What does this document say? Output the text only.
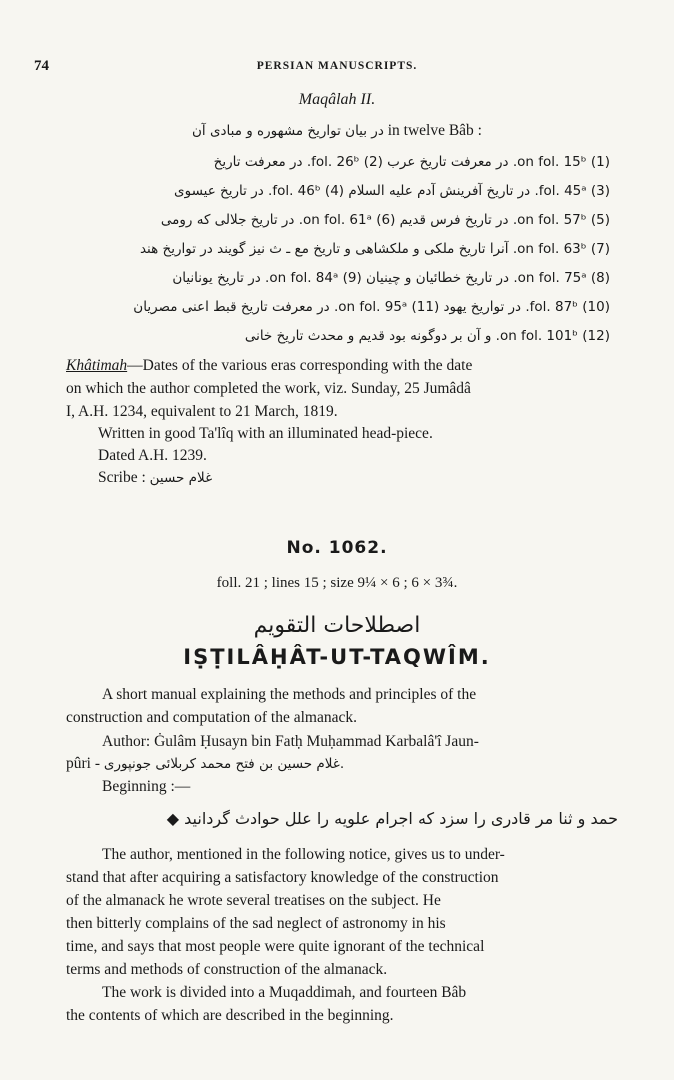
74	PERSIAN MANUSCRIPTS.
Maqâlah II.
در بیان تواریخ مشهوره و مبادی آن in twelve Bâb :
(1) on fol. 15ᵇ. در معرفت تاریخ عرب (2) fol. 26ᵇ. در معرفت تاریخ
(3) fol. 45ᵃ. در تاریخ آفرینش آدم علیه السلام (4) fol. 46ᵇ. در تاریخ عیسوی
(5) on fol. 57ᵇ. در تاریخ فرس قدیم (6) on fol. 61ᵃ. در تاریخ جلالی که رومی
(7) on fol. 63ᵇ. آنرا تاریخ ملکی و ملکشاهی و تاریخ مع ـ ث نیز گویند در تواریخ هند
(8) on fol. 75ᵃ. در تاریخ خطائیان و چینیان (9) on fol. 84ᵃ. در تاریخ یونانیان
(10) fol. 87ᵇ. در تواریخ یهود (11) on fol. 95ᵃ. در معرفت تاریخ قبط اعنی مصریان
(12) on fol. 101ᵇ. و آن بر دوگونه بود قدیم و محدث تاریخ خانی
Khâtimah—Dates of the various eras corresponding with the date
on which the author completed the work, viz. Sunday, 25 Jumâdâ
I, A.H. 1234, equivalent to 21 March, 1819.
Written in good Ta'lîq with an illuminated head-piece.
Dated A.H. 1239.
Scribe : غلام حسین
No. 1062.
foll. 21 ; lines 15 ; size 9¼ × 6 ; 6 × 3¾.
اصطلاحات التقویم
IṢṬILÂḤÂT-UT-TAQWÎM.
A short manual explaining the methods and principles of the
construction and computation of the almanack.
Author: Ġulâm Ḥusayn bin Fatḥ Muḥammad Karbalâ'î Jaun-
pûri - غلام حسین بن فتح محمد کربلائی جونپوری.
Beginning :—
حمد و ثنا مر قادری را سزد که اجرام علویه را علل حوادث گردانید ◆
The author, mentioned in the following notice, gives us to under-
stand that after acquiring a satisfactory knowledge of the construction
of the almanack he wrote several treatises on the subject. He
then bitterly complains of the sad neglect of astronomy in his
time, and says that most people were quite ignorant of the technical
terms and methods of construction of the almanack.
The work is divided into a Muqaddimah, and fourteen Bâb
the contents of which are described in the beginning.
